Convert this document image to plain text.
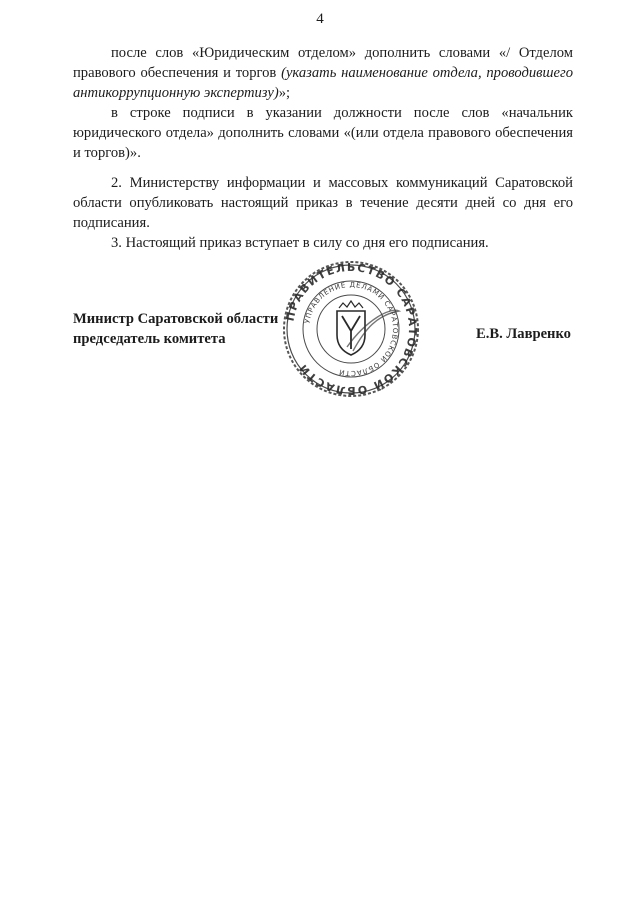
4

после слов «Юридическим отделом» дополнить словами «/ Отделом правового обеспечения и торгов (указать наименование отдела, проводившего антикоррупционную экспертизу)»;

в строке подписи в указании должности после слов «начальник юридического отдела» дополнить словами «(или отдела правового обеспечения и торгов)».

2. Министерству информации и массовых коммуникаций Саратовской области опубликовать настоящий приказ в течение десяти дней со дня его подписания.

3. Настоящий приказ вступает в силу со дня его подписания.

Министр Саратовской области
председатель комитета
ПРАВИТЕЛЬСТВО САРАТОВСКОЙ ОБЛАСТИ
УПРАВЛЕНИЕ ДЕЛАМИ САРАТОВСКОЙ ОБЛАСТИ
Е.В. Лавренко
